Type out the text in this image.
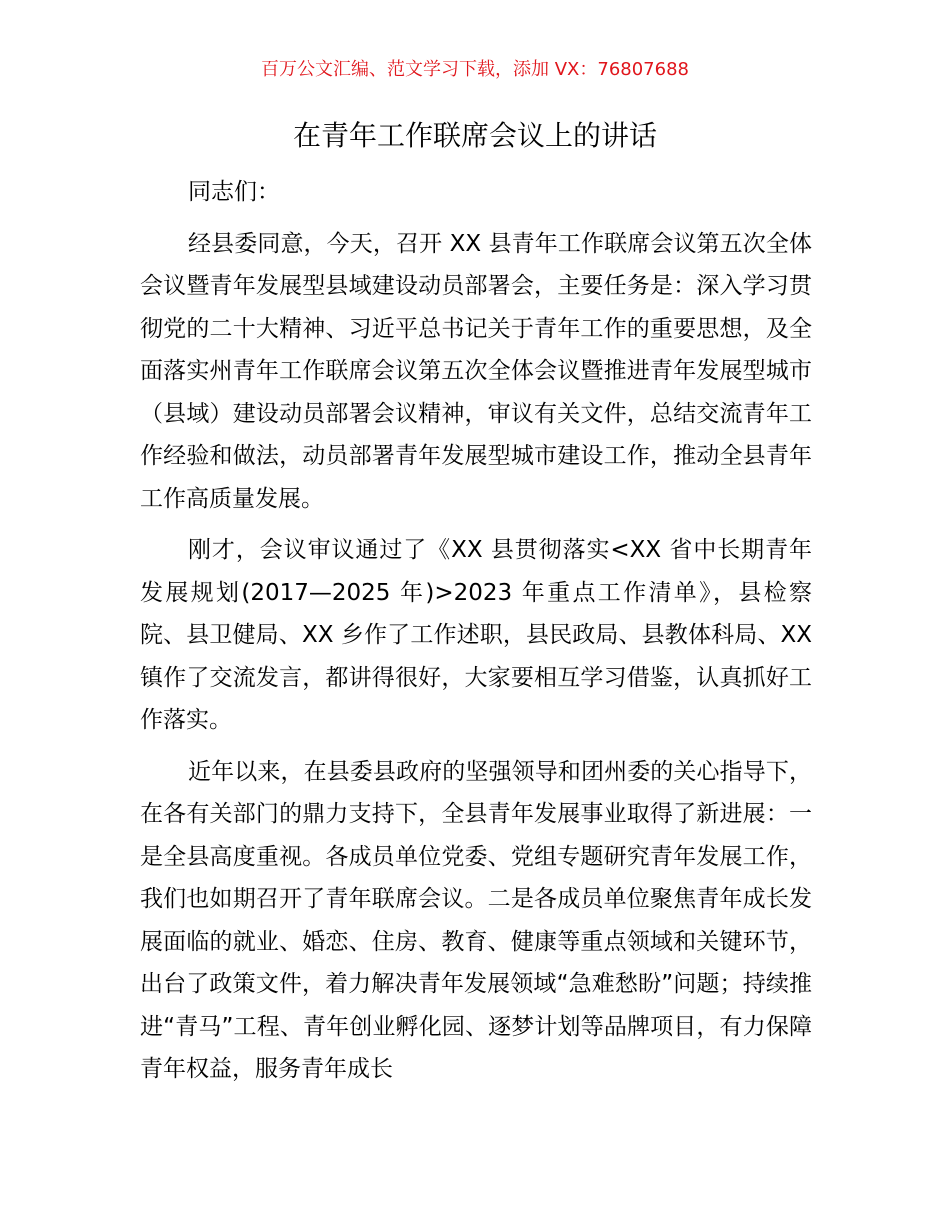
百万公文汇编、范文学习下载，添加 VX：76807688
在青年工作联席会议上的讲话

同志们：

经县委同意，今天，召开 XX 县青年工作联席会议第五次全体会议暨青年发展型县域建设动员部署会，主要任务是：深入学习贯彻党的二十大精神、习近平总书记关于青年工作的重要思想，及全面落实州青年工作联席会议第五次全体会议暨推进青年发展型城市（县域）建设动员部署会议精神，审议有关文件，总结交流青年工作经验和做法，动员部署青年发展型城市建设工作，推动全县青年工作高质量发展。

刚才，会议审议通过了《XX 县贯彻落实<XX 省中长期青年发展规划(2017—2025 年)>2023 年重点工作清单》，县检察院、县卫健局、XX 乡作了工作述职，县民政局、县教体科局、XX 镇作了交流发言，都讲得很好，大家要相互学习借鉴，认真抓好工作落实。

近年以来，在县委县政府的坚强领导和团州委的关心指导下，在各有关部门的鼎力支持下，全县青年发展事业取得了新进展：一是全县高度重视。各成员单位党委、党组专题研究青年发展工作，我们也如期召开了青年联席会议。二是各成员单位聚焦青年成长发展面临的就业、婚恋、住房、教育、健康等重点领域和关键环节，出台了政策文件，着力解决青年发展领域“急难愁盼”问题；持续推进“青马”工程、青年创业孵化园、逐梦计划等品牌项目，有力保障青年权益，服务青年成长
